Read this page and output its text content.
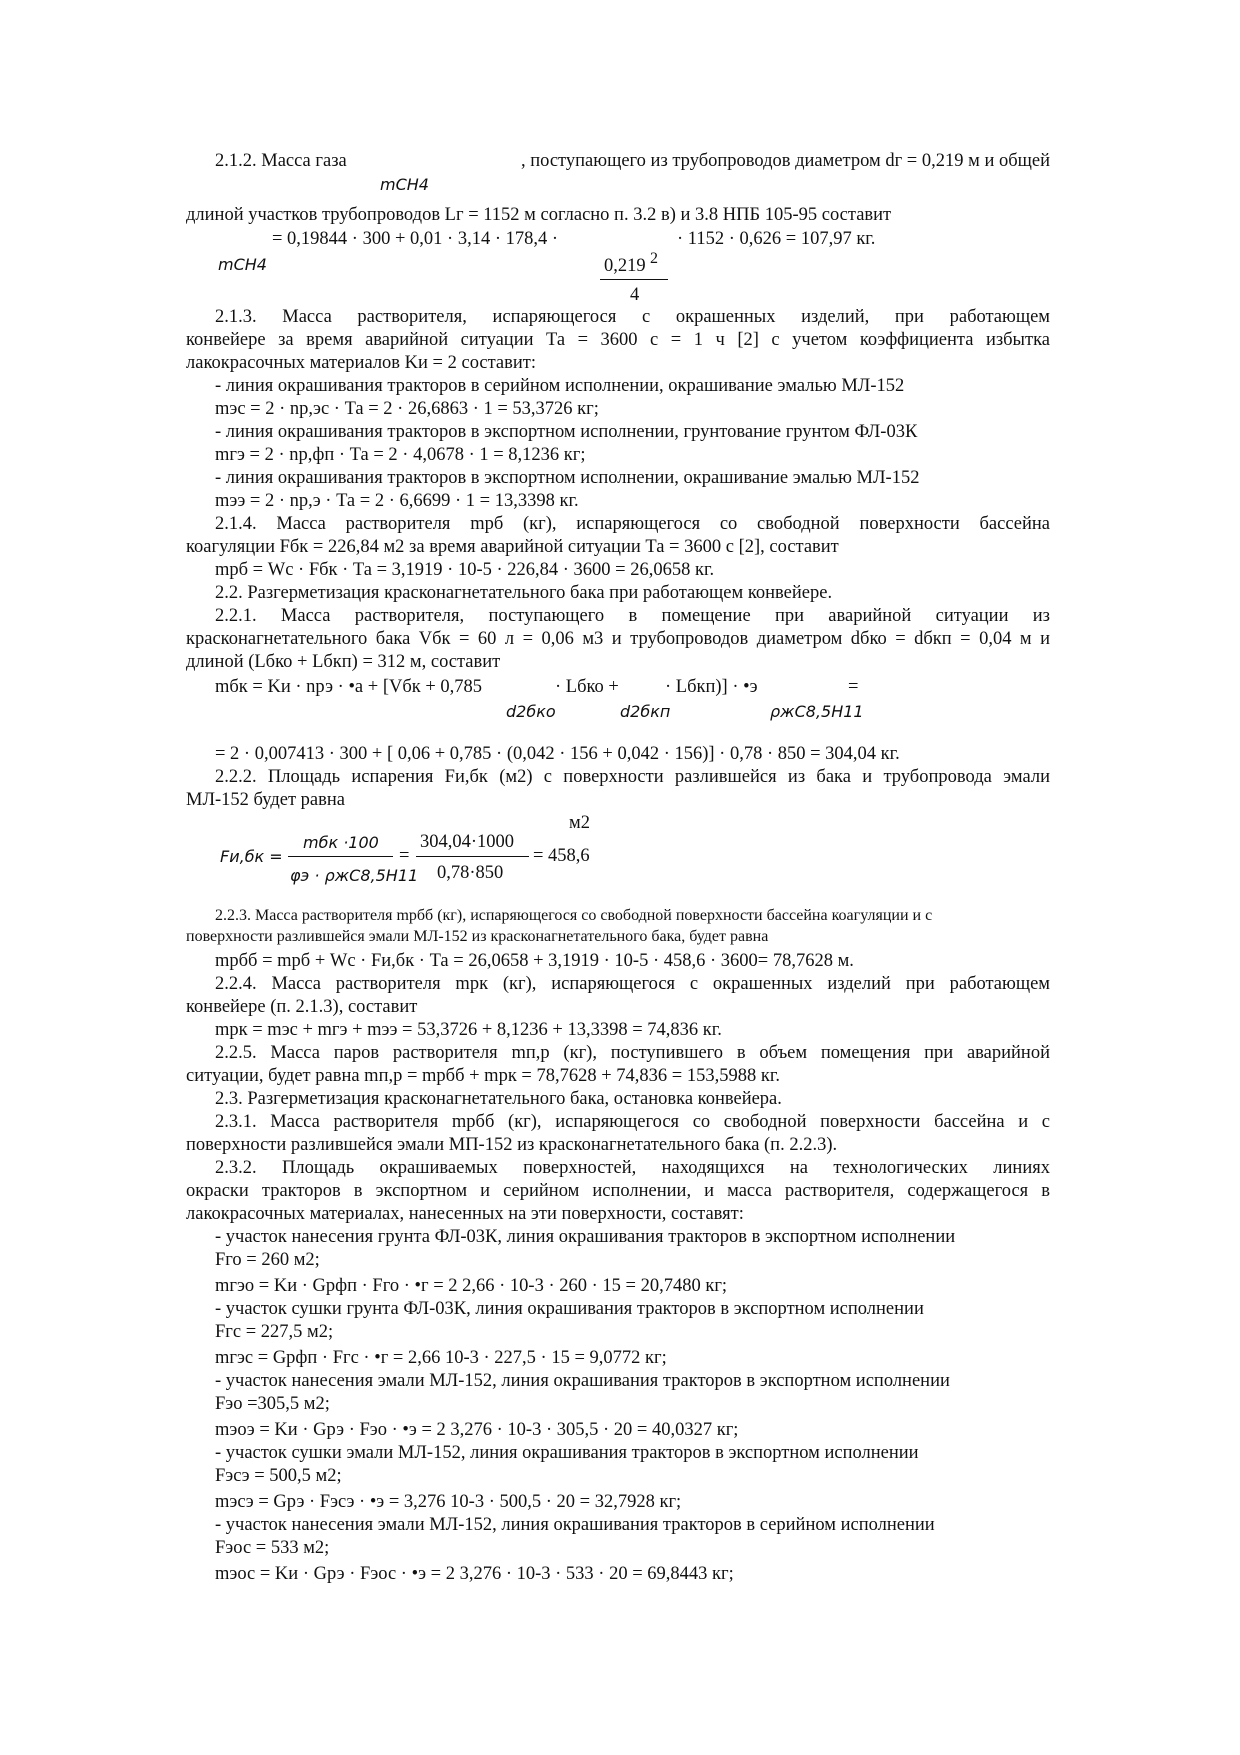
2.1.2. Масса газа	, поступающего из трубопроводов диаметром dг = 0,219 м и общей
mCH4
длиной участков трубопроводов Lг = 1152 м согласно п. 3.2 в) и 3.8 НПБ 105-95 составит
= 0,19844 · 300 + 0,01 · 3,14 · 178,4 ·	· 1152 · 0,626 = 107,97 кг.
mCH4	0,219 2
4
2.1.3. Масса растворителя, испаряющегося с окрашенных изделий, при работающем
конвейере за время аварийной ситуации Та = 3600 с = 1 ч [2] с учетом коэффициента избытка
лакокрасочных материалов Kи = 2 составит:
- линия окрашивания тракторов в серийном исполнении, окрашивание эмалью МЛ-152
mэс = 2 · nр,эс · Та = 2 · 26,6863 · 1 = 53,3726 кг;
- линия окрашивания тракторов в экспортном исполнении, грунтование грунтом ФЛ-03К
mгэ = 2 · nр,фп · Та = 2 · 4,0678 · 1 = 8,1236 кг;
- линия окрашивания тракторов в экспортном исполнении, окрашивание эмалью МЛ-152
mээ = 2 · nр,э · Та = 2 · 6,6699 · 1 = 13,3398 кг.
2.1.4. Масса растворителя mрб (кг), испаряющегося со свободной поверхности бассейна
коагуляции Fбк = 226,84 м2 за время аварийной ситуации Та = 3600 с [2], составит
mрб = Wс · Fбк · Та = 3,1919 · 10-5 · 226,84 · 3600 = 26,0658 кг.
2.2. Разгерметизация красконагнетательного бака при работающем конвейере.
2.2.1. Масса растворителя, поступающего в помещение при аварийной ситуации из
красконагнетательного бака Vбк = 60 л = 0,06 м3 и трубопроводов диаметром dбко = dбкп = 0,04 м и
длиной (Lбко + Lбкп) = 312 м, составит
mбк = Kи · nрэ · •а + [Vбк + 0,785	· Lбко + · Lбкп)] · •э	=
d2бко	d2бкп	ρжС8,5Н11
= 2 · 0,007413 · 300 + [ 0,06 + 0,785 · (0,042 · 156 + 0,042 · 156)] · 0,78 · 850 = 304,04 кг.
2.2.2. Площадь испарения Fи,бк (м2) с поверхности разлившейся из бака и трубопровода эмали
МЛ-152 будет равна
м2
Fи,бк =
mбк ·100
φэ · ρжС8,5Н11
=
304,04·1000
0,78·850
= 458,6
2.2.3. Масса растворителя mрбб (кг), испаряющегося со свободной поверхности бассейна коагуляции и с
поверхности разлившейся эмали МЛ-152 из красконагнетательного бака, будет равна
mрбб = mрб + Wс · Fи,бк · Та = 26,0658 + 3,1919 · 10-5 · 458,6 · 3600= 78,7628 м.
2.2.4. Масса растворителя mрк (кг), испаряющегося с окрашенных изделий при работающем
конвейере (п. 2.1.3), составит
mрк = mэс + mгэ + mээ = 53,3726 + 8,1236 + 13,3398 = 74,836 кг.
2.2.5. Масса паров растворителя mп,р (кг), поступившего в объем помещения при аварийной
ситуации, будет равна mп,р = mрбб + mрк = 78,7628 + 74,836 = 153,5988 кг.
2.3. Разгерметизация красконагнетательного бака, остановка конвейера.
2.3.1. Масса растворителя mрбб (кг), испаряющегося со свободной поверхности бассейна и с
поверхности разлившейся эмали МП-152 из красконагнетательного бака (п. 2.2.3).
2.3.2. Площадь окрашиваемых поверхностей, находящихся на технологических линиях
окраски тракторов в экспортном и серийном исполнении, и масса растворителя, содержащегося в
лакокрасочных материалах, нанесенных на эти поверхности, составят:
- участок нанесения грунта ФЛ-03К, линия окрашивания тракторов в экспортном исполнении
Fго = 260 м2;
mгэо = Kи · Gрфп · Fго · •г = 2 2,66 · 10-3 · 260 · 15 = 20,7480 кг;
- участок сушки грунта ФЛ-03К, линия окрашивания тракторов в экспортном исполнении
Fгс = 227,5 м2;
mгэс = Gрфп · Fгс · •г = 2,66 10-3 · 227,5 · 15 = 9,0772 кг;
- участок нанесения эмали МЛ-152, линия окрашивания тракторов в экспортном исполнении
Fэо =305,5 м2;
mэоэ = Kи · Gрэ · Fэо · •э = 2 3,276 · 10-3 · 305,5 · 20 = 40,0327 кг;
- участок сушки эмали МЛ-152, линия окрашивания тракторов в экспортном исполнении
Fэсэ = 500,5 м2;
mэсэ = Gрэ · Fэсэ · •э = 3,276 10-3 · 500,5 · 20 = 32,7928 кг;
- участок нанесения эмали МЛ-152, линия окрашивания тракторов в серийном исполнении
Fэос = 533 м2;
mэос = Kи · Gрэ · Fэос · •э = 2 3,276 · 10-3 · 533 · 20 = 69,8443 кг;
